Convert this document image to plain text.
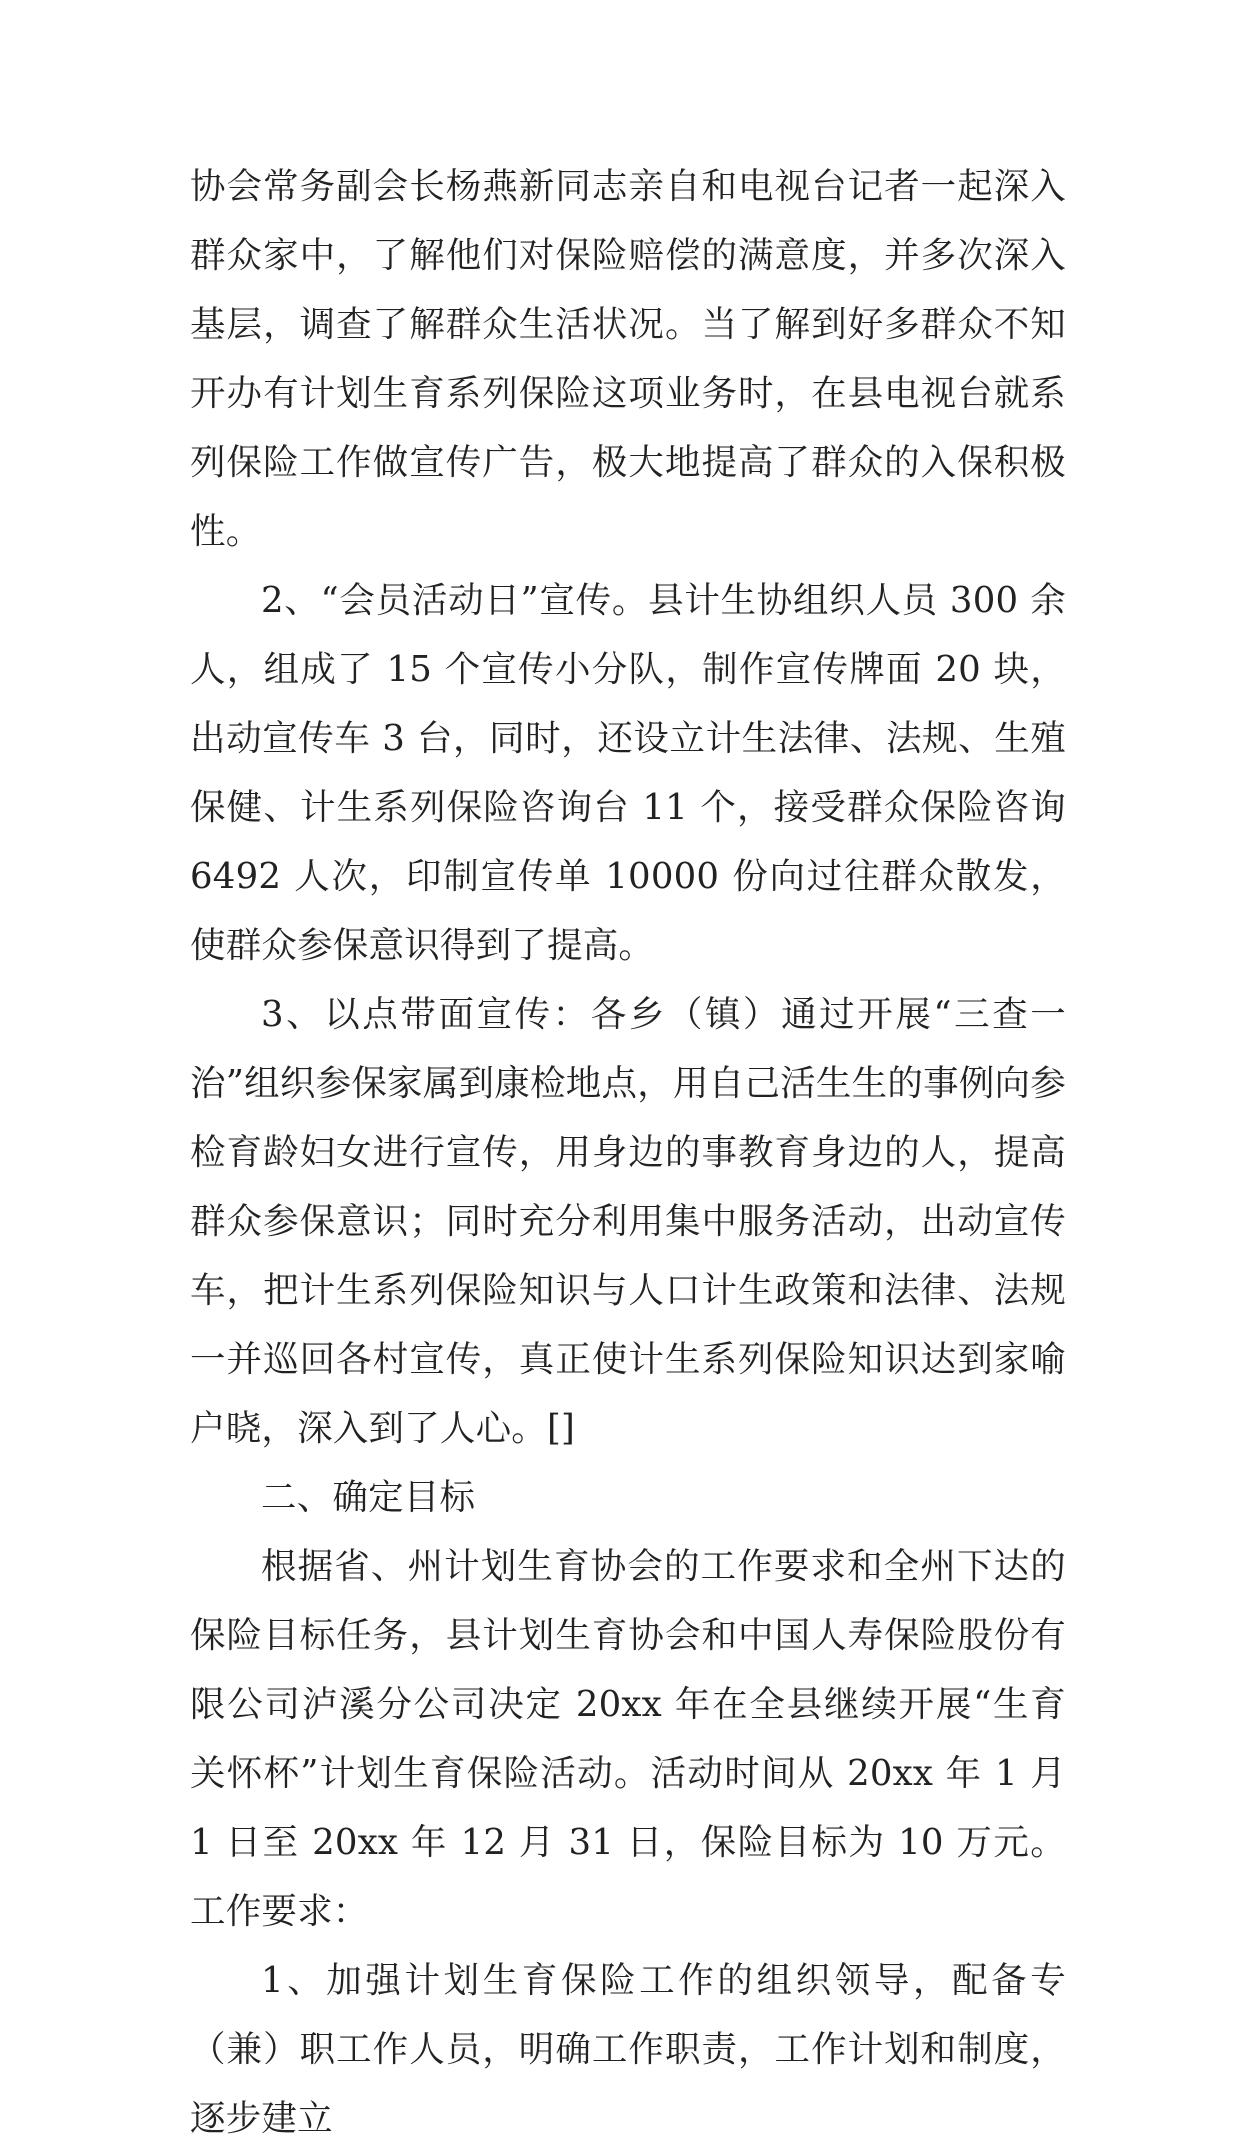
协会常务副会长杨燕新同志亲自和电视台记者一起深入群众家中，了解他们对保险赔偿的满意度，并多次深入基层，调查了解群众生活状况。当了解到好多群众不知开办有计划生育系列保险这项业务时，在县电视台就系列保险工作做宣传广告，极大地提高了群众的入保积极性。

2、“会员活动日”宣传。县计生协组织人员 300 余人，组成了 15 个宣传小分队，制作宣传牌面 20 块，出动宣传车 3 台，同时，还设立计生法律、法规、生殖保健、计生系列保险咨询台 11 个，接受群众保险咨询 6492 人次，印制宣传单 10000 份向过往群众散发，使群众参保意识得到了提高。

3、以点带面宣传：各乡（镇）通过开展“三查一治”组织参保家属到康检地点，用自己活生生的事例向参检育龄妇女进行宣传，用身边的事教育身边的人，提高群众参保意识；同时充分利用集中服务活动，出动宣传车，把计生系列保险知识与人口计生政策和法律、法规一并巡回各村宣传，真正使计生系列保险知识达到家喻户晓，深入到了人心。[]

二、确定目标

根据省、州计划生育协会的工作要求和全州下达的保险目标任务，县计划生育协会和中国人寿保险股份有限公司泸溪分公司决定 20xx 年在全县继续开展“生育关怀杯”计划生育保险活动。活动时间从 20xx 年 1 月 1 日至 20xx 年 12 月 31 日，保险目标为 10 万元。工作要求：

1、加强计划生育保险工作的组织领导，配备专（兼）职工作人员，明确工作职责，工作计划和制度，逐步建立
